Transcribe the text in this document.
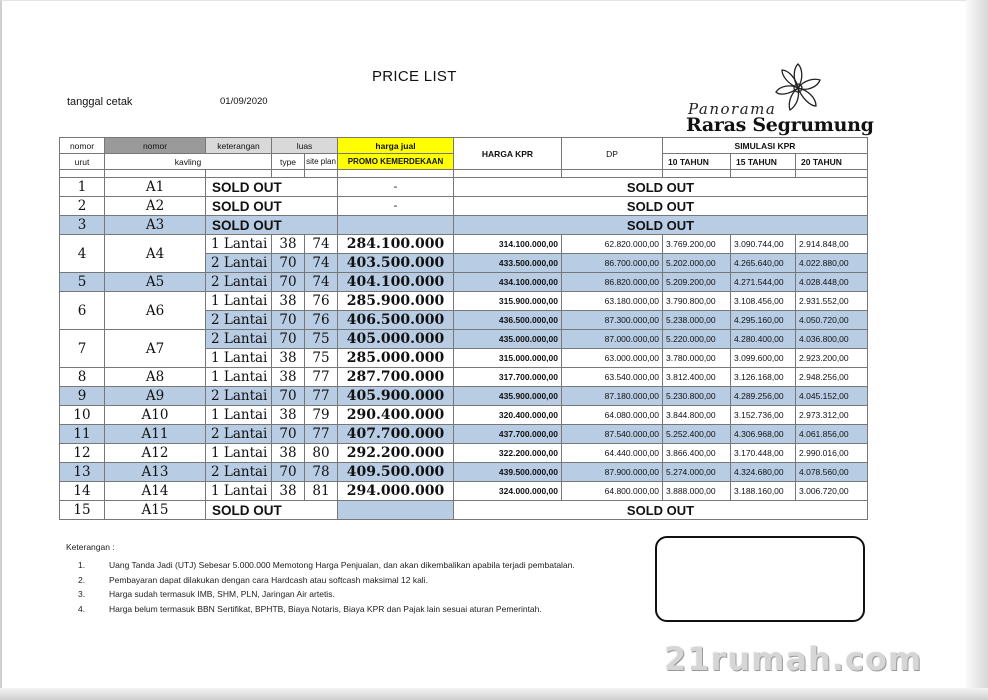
PRICE LIST
tanggal cetak	01/09/2020	Panorama
Raras Segrumung
nomor	nomor	keterangan	luas		harga jual	HARGA KPR	DP	SIMULASI KPR		
urut	kavling		type	site plan	PROMO KEMERDEKAAN			10 TAHUN	15 TAHUN	20 TAHUN

1	A1	SOLD OUT			-	SOLD OUT				
2	A2	SOLD OUT			-	SOLD OUT				
3	A3	SOLD OUT				SOLD OUT				
4	A4	1 Lantai	38	74	284.100.000	314.100.000,00	62.820.000,00	3.769.200,00	3.090.744,00	2.914.848,00
		2 Lantai	70	74	403.500.000	433.500.000,00	86.700.000,00	5.202.000,00	4.265.640,00	4.022.880,00
5	A5	2 Lantai	70	74	404.100.000	434.100.000,00	86.820.000,00	5.209.200,00	4.271.544,00	4.028.448,00
6	A6	1 Lantai	38	76	285.900.000	315.900.000,00	63.180.000,00	3.790.800,00	3.108.456,00	2.931.552,00
		2 Lantai	70	76	406.500.000	436.500.000,00	87.300.000,00	5.238.000,00	4.295.160,00	4.050.720,00
7	A7	2 Lantai	70	75	405.000.000	435.000.000,00	87.000.000,00	5.220.000,00	4.280.400,00	4.036.800,00
		1 Lantai	38	75	285.000.000	315.000.000,00	63.000.000,00	3.780.000,00	3.099.600,00	2.923.200,00
8	A8	1 Lantai	38	77	287.700.000	317.700.000,00	63.540.000,00	3.812.400,00	3.126.168,00	2.948.256,00
9	A9	2 Lantai	70	77	405.900.000	435.900.000,00	87.180.000,00	5.230.800,00	4.289.256,00	4.045.152,00
10	A10	1 Lantai	38	79	290.400.000	320.400.000,00	64.080.000,00	3.844.800,00	3.152.736,00	2.973.312,00
11	A11	2 Lantai	70	77	407.700.000	437.700.000,00	87.540.000,00	5.252.400,00	4.306.968,00	4.061.856,00
12	A12	1 Lantai	38	80	292.200.000	322.200.000,00	64.440.000,00	3.866.400,00	3.170.448,00	2.990.016,00
13	A13	2 Lantai	70	78	409.500.000	439.500.000,00	87.900.000,00	5.274.000,00	4.324.680,00	4.078.560,00
14	A14	1 Lantai	38	81	294.000.000	324.000.000,00	64.800.000,00	3.888.000,00	3.188.160,00	3.006.720,00
15	A15	SOLD OUT				SOLD OUT				
Keterangan :
1.	Uang Tanda Jadi (UTJ) Sebesar 5.000.000 Memotong Harga Penjualan, dan akan dikembalikan apabila terjadi pembatalan.
2.	Pembayaran dapat dilakukan dengan cara Hardcash atau softcash maksimal 12 kali.
3.	Harga sudah termasuk IMB, SHM, PLN, Jaringan Air artetis.
4.	Harga belum termasuk BBN Sertifikat, BPHTB, Biaya Notaris, Biaya KPR dan Pajak lain sesuai aturan Pemerintah.
21rumah.com
